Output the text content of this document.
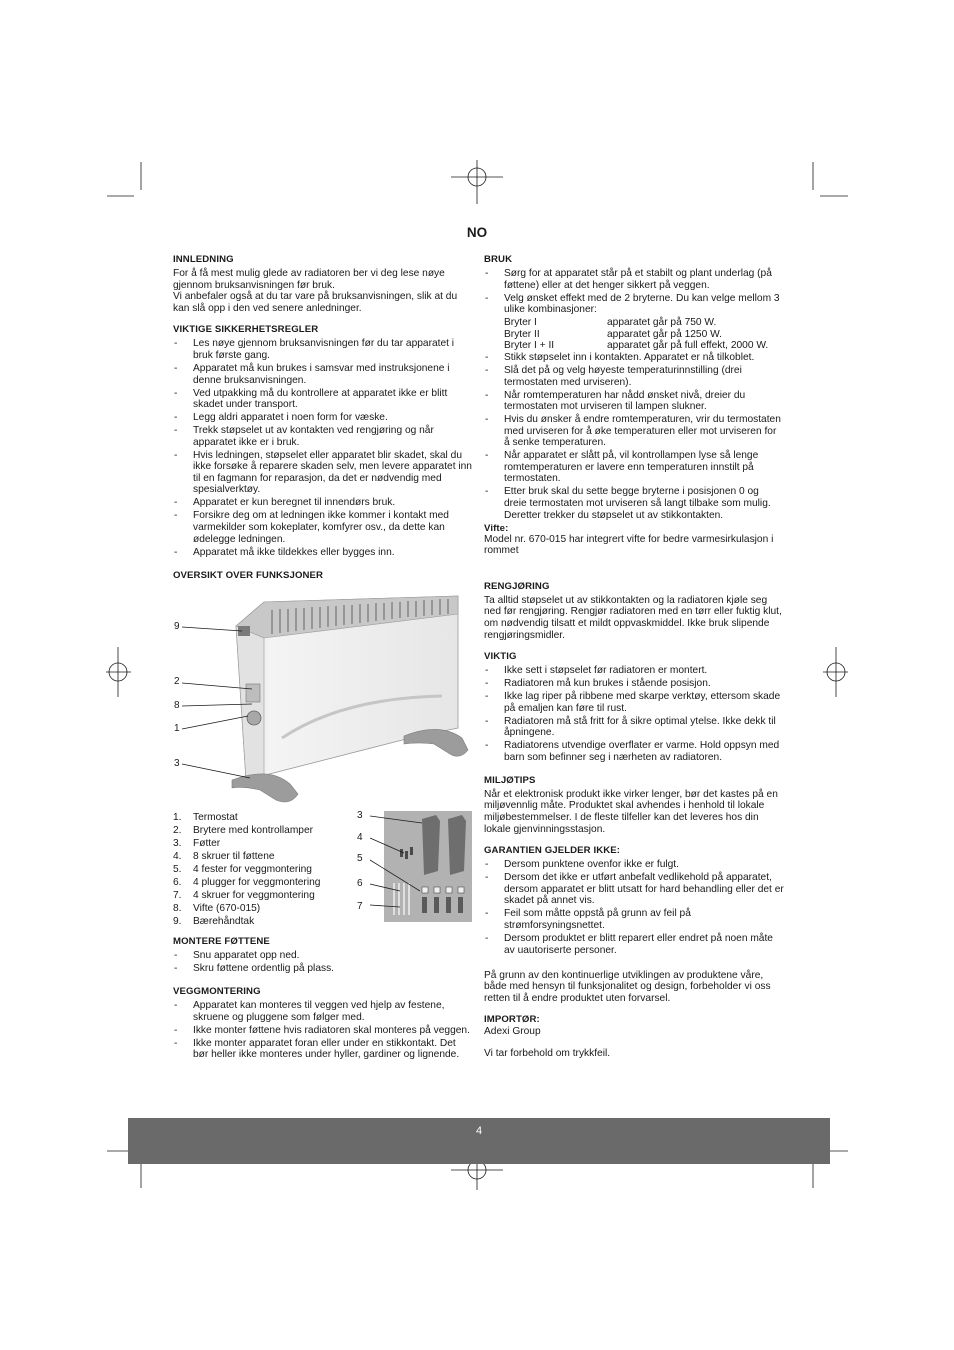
NO
INNLEDNING

For å få mest mulig glede av radiatoren ber vi deg lese nøye gjennom bruksanvisningen før bruk.

Vi anbefaler også at du tar vare på bruksanvisningen, slik at du kan slå opp i den ved senere anledninger.

VIKTIGE SIKKERHETSREGLER
- Les nøye gjennom bruksanvisningen før du tar apparatet i bruk første gang.
- Apparatet må kun brukes i samsvar med instruksjonene i denne bruksanvisningen.
- Ved utpakking må du kontrollere at apparatet ikke er blitt skadet under transport.
- Legg aldri apparatet i noen form for væske.
- Trekk støpselet ut av kontakten ved rengjøring og når apparatet ikke er i bruk.
- Hvis ledningen, støpselet eller apparatet blir skadet, skal du ikke forsøke å reparere skaden selv, men levere apparatet inn til en fagmann for reparasjon, da det er nødvendig med spesialverktøy.
- Apparatet er kun beregnet til innendørs bruk.
- Forsikre deg om at ledningen ikke kommer i kontakt med varmekilder som kokeplater, komfyrer osv., da dette kan ødelegge ledningen.
- Apparatet må ikke tildekkes eller bygges inn.
OVERSIKT OVER FUNKSJONER
9
2
8
1
3
3
4
5
6
7
1. Termostat
2. Brytere med kontrollamper
3. Føtter
4. 8 skruer til føttene
5. 4 fester for veggmontering
6. 4 plugger for veggmontering
7. 4 skruer for veggmontering
8. Vifte (670-015)
9. Bærehåndtak
MONTERE FØTTENE
- Snu apparatet opp ned.
- Skru føttene ordentlig på plass.
VEGGMONTERING
- Apparatet kan monteres til veggen ved hjelp av festene, skruene og pluggene som følger med.
- Ikke monter føttene hvis radiatoren skal monteres på veggen.
- Ikke monter apparatet foran eller under en stikkontakt. Det bør heller ikke monteres under hyller, gardiner og lignende.
BRUK
- Sørg for at apparatet står på et stabilt og plant underlag (på føttene) eller at det henger sikkert på veggen.
- Velg ønsket effekt med de 2 bryterne. Du kan velge mellom 3 ulike kombinasjoner:
Bryter I	apparatet går på 750 W.
Bryter II	apparatet går på 1250 W.
Bryter I + II	apparatet går på full effekt, 2000 W.
- Stikk støpselet inn i kontakten. Apparatet er nå tilkoblet.
- Slå det på og velg høyeste temperaturinnstilling (drei termostaten med urviseren).
- Når romtemperaturen har nådd ønsket nivå, dreier du termostaten mot urviseren til lampen slukner.
- Hvis du ønsker å endre romtemperaturen, vrir du termostaten med urviseren for å øke temperaturen eller mot urviseren for å senke temperaturen.
- Når apparatet er slått på, vil kontrollampen lyse så lenge romtemperaturen er lavere enn temperaturen innstilt på termostaten.
- Etter bruk skal du sette begge bryterne i posisjonen 0 og dreie termostaten mot urviseren så langt tilbake som mulig. Deretter trekker du støpselet ut av stikkontakten.
Vifte:

Model nr. 670-015 har integrert vifte for bedre varmesirkulasjon i rommet

RENGJØRING

Ta alltid støpselet ut av stikkontakten og la radiatoren kjøle seg ned før rengjøring. Rengjør radiatoren med en tørr eller fuktig klut, om nødvendig tilsatt et mildt oppvaskmiddel. Ikke bruk slipende rengjøringsmidler.

VIKTIG
- Ikke sett i støpselet før radiatoren er montert.
- Radiatoren må kun brukes i stående posisjon.
- Ikke lag riper på ribbene med skarpe verktøy, ettersom skade på emaljen kan føre til rust.
- Radiatoren må stå fritt for å sikre optimal ytelse. Ikke dekk til åpningene.
- Radiatorens utvendige overflater er varme. Hold oppsyn med barn som befinner seg i nærheten av radiatoren.
MILJØTIPS

Når et elektronisk produkt ikke virker lenger, bør det kastes på en miljøvennlig måte. Produktet skal avhendes i henhold til lokale miljøbestemmelser. I de fleste tilfeller kan det leveres hos din lokale gjenvinningsstasjon.

GARANTIEN GJELDER IKKE:
- Dersom punktene ovenfor ikke er fulgt.
- Dersom det ikke er utført anbefalt vedlikehold på apparatet, dersom apparatet er blitt utsatt for hard behandling eller det er skadet på annet vis.
- Feil som måtte oppstå på grunn av feil på strømforsyningsnettet.
- Dersom produktet er blitt reparert eller endret på noen måte av uautoriserte personer.

På grunn av den kontinuerlige utviklingen av produktene våre, både med hensyn til funksjonalitet og design, forbeholder vi oss retten til å endre produktet uten forvarsel.

IMPORTØR:

Adexi Group

Vi tar forbehold om trykkfeil.

4
